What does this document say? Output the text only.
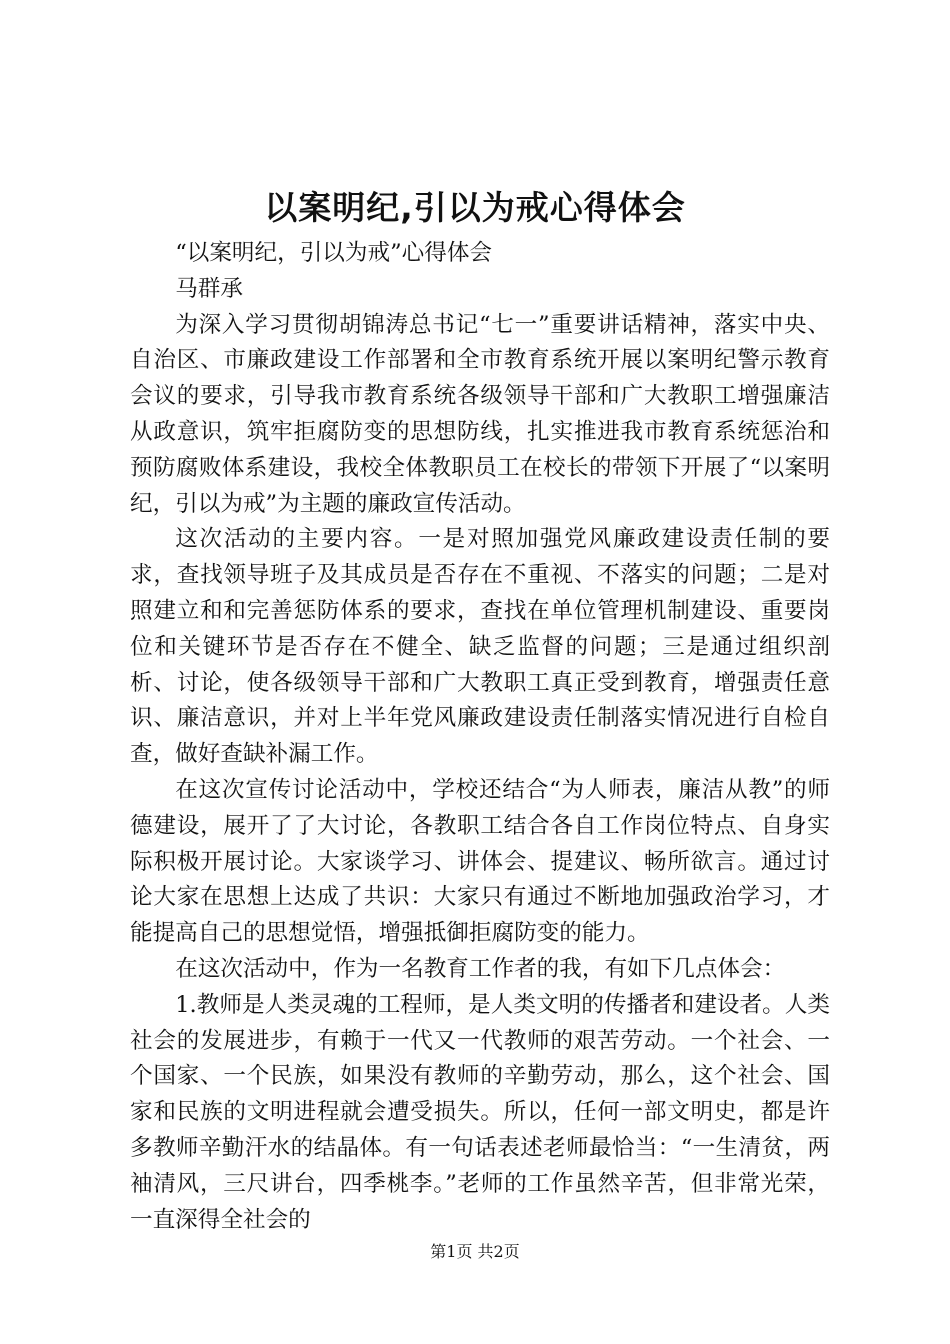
以案明纪,引以为戒心得体会

“以案明纪，引以为戒”心得体会

马群承

为深入学习贯彻胡锦涛总书记“七一”重要讲话精神，落实中央、自治区、市廉政建设工作部署和全市教育系统开展以案明纪警示教育会议的要求，引导我市教育系统各级领导干部和广大教职工增强廉洁从政意识，筑牢拒腐防变的思想防线，扎实推进我市教育系统惩治和预防腐败体系建设，我校全体教职员工在校长的带领下开展了“以案明纪，引以为戒”为主题的廉政宣传活动。

这次活动的主要内容。一是对照加强党风廉政建设责任制的要求，查找领导班子及其成员是否存在不重视、不落实的问题；二是对照建立和和完善惩防体系的要求，查找在单位管理机制建设、重要岗位和关键环节是否存在不健全、缺乏监督的问题；三是通过组织剖析、讨论，使各级领导干部和广大教职工真正受到教育，增强责任意识、廉洁意识，并对上半年党风廉政建设责任制落实情况进行自检自查，做好查缺补漏工作。

在这次宣传讨论活动中，学校还结合“为人师表，廉洁从教”的师德建设，展开了了大讨论，各教职工结合各自工作岗位特点、自身实际积极开展讨论。大家谈学习、讲体会、提建议、畅所欲言。通过讨论大家在思想上达成了共识：大家只有通过不断地加强政治学习，才能提高自己的思想觉悟，增强抵御拒腐防变的能力。

在这次活动中，作为一名教育工作者的我，有如下几点体会：

1.教师是人类灵魂的工程师，是人类文明的传播者和建设者。人类社会的发展进步，有赖于一代又一代教师的艰苦劳动。一个社会、一个国家、一个民族，如果没有教师的辛勤劳动，那么，这个社会、国家和民族的文明进程就会遭受损失。所以，任何一部文明史，都是许多教师辛勤汗水的结晶体。有一句话表述老师最恰当：“一生清贫，两袖清风，三尺讲台，四季桃李。”老师的工作虽然辛苦，但非常光荣，一直深得全社会的

第1页 共2页
